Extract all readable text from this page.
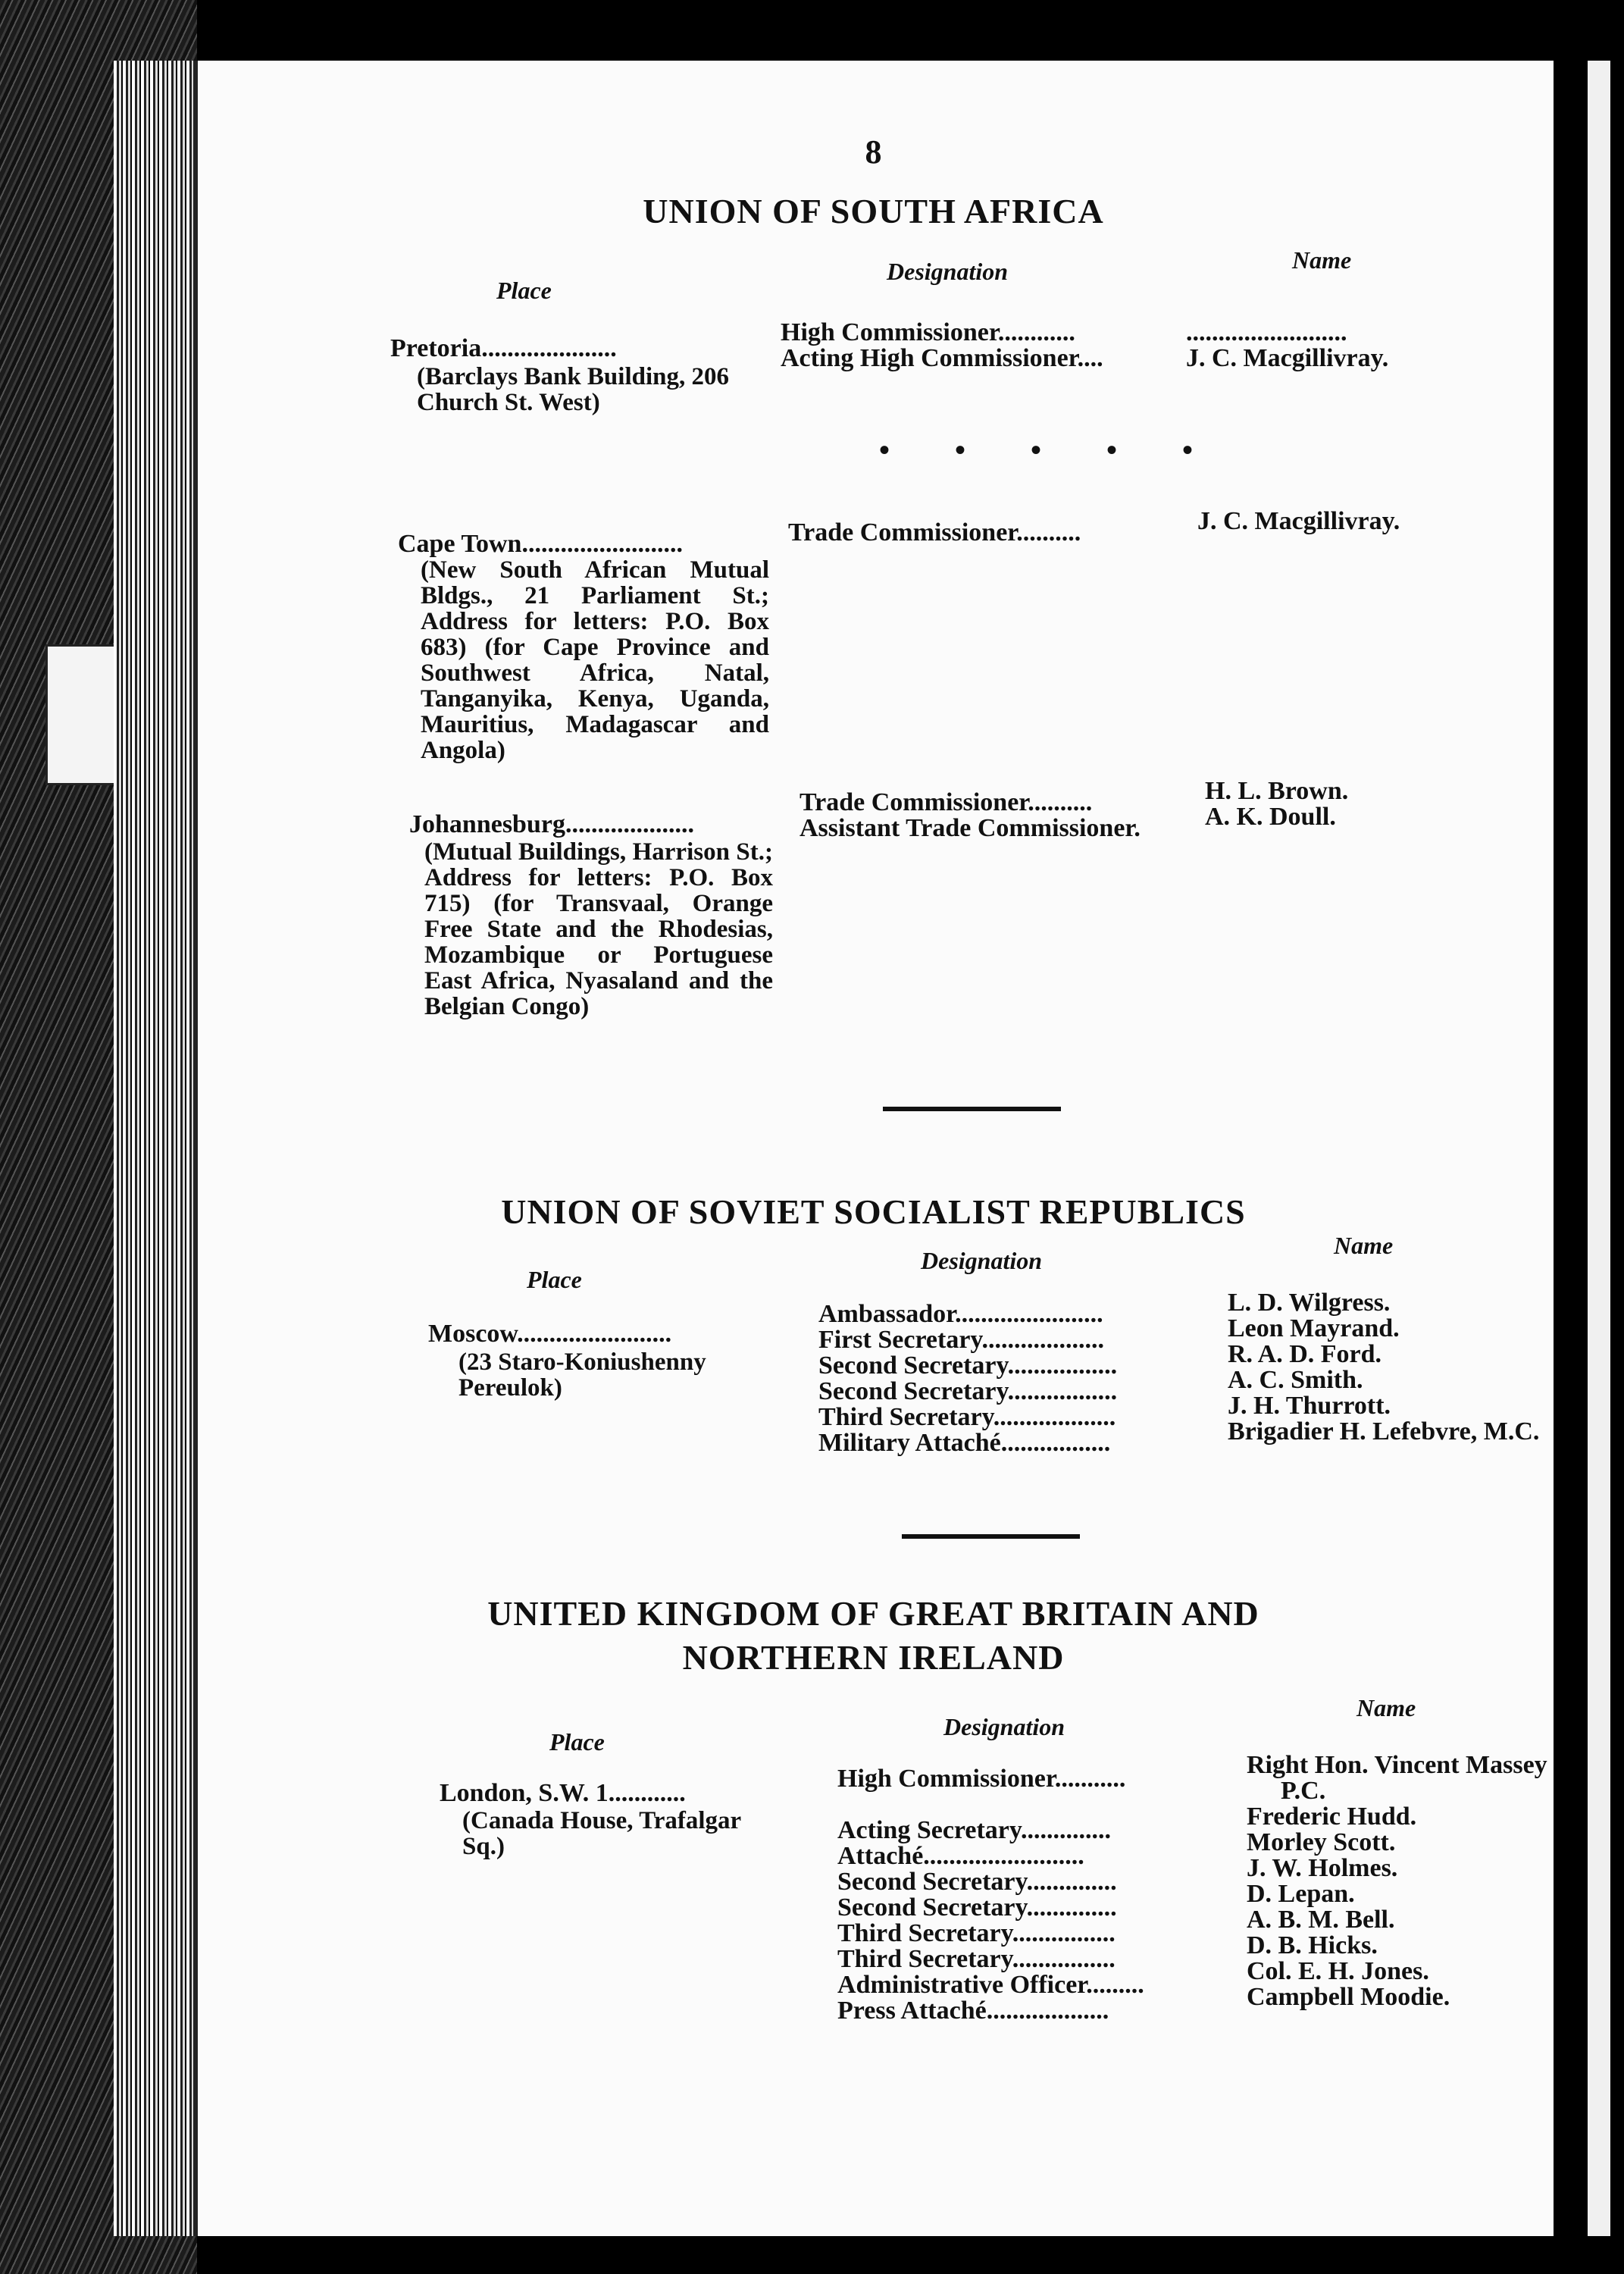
8
UNION OF SOUTH AFRICA
Place
Designation	Name
Pretoria.....................
(Barclays Bank Building, 206 Church St. West)
High Commissioner............
Acting High Commissioner....
.........................
J. C. Macgillivray.
• • • • •
Cape Town.........................
(New South African Mutual Bldgs., 21 Parliament St.; Address for letters: P.O. Box 683) (for Cape Province and Southwest Africa, Natal, Tanganyika, Kenya, Uganda, Mauritius, Madagascar and Angola)
Trade Commissioner..........	J. C. Macgillivray.
Johannesburg....................
(Mutual Buildings, Harrison St.; Address for letters: P.O. Box 715) (for Transvaal, Orange Free State and the Rhodesias, Mozambique or Portuguese East Africa, Nyasaland and the Belgian Congo)
Trade Commissioner..........
Assistant Trade Commissioner.
H. L. Brown.
A. K. Doull.
UNION OF SOVIET SOCIALIST REPUBLICS
Place
Designation
Name
Moscow........................
(23 Staro-Koniushenny Pereulok)
Ambassador.......................
First Secretary...................
Second Secretary.................
Second Secretary.................
Third Secretary...................
Military Attaché.................
L. D. Wilgress.
Leon Mayrand.
R. A. D. Ford.
A. C. Smith.
J. H. Thurrott.
Brigadier H. Lefebvre, M.C.
UNITED KINGDOM OF GREAT BRITAIN AND
NORTHERN IRELAND
Place
Designation
Name
London, S.W. 1............
(Canada House, Trafalgar Sq.)
High Commissioner...........
Acting Secretary..............
Attaché.........................
Second Secretary..............
Second Secretary..............
Third Secretary................
Third Secretary................
Administrative Officer.........
Press Attaché...................
Right Hon. Vincent Massey
P.C.
Frederic Hudd.
Morley Scott.
J. W. Holmes.
D. Lepan.
A. B. M. Bell.
D. B. Hicks.
Col. E. H. Jones.
Campbell Moodie.
